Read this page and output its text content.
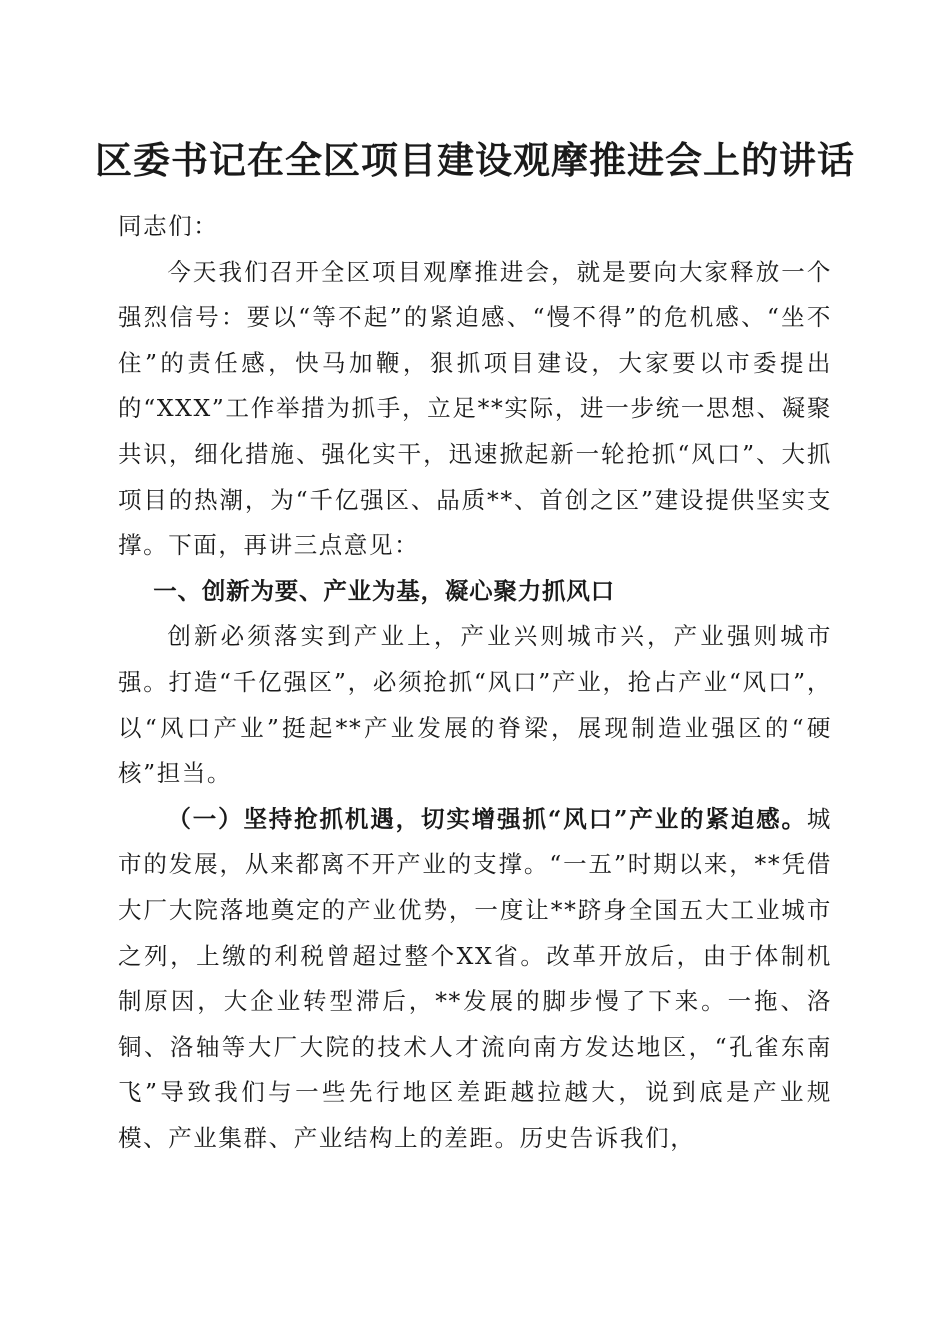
区委书记在全区项目建设观摩推进会上的讲话

同志们：

今天我们召开全区项目观摩推进会，就是要向大家释放一个强烈信号：要以“等不起”的紧迫感、“慢不得”的危机感、“坐不住”的责任感，快马加鞭，狠抓项目建设，大家要以市委提出的“XXX”工作举措为抓手，立足**实际，进一步统一思想、凝聚共识，细化措施、强化实干，迅速掀起新一轮抢抓“风口”、大抓项目的热潮，为“千亿强区、品质**、首创之区”建设提供坚实支撑。下面，再讲三点意见：

一、创新为要、产业为基，凝心聚力抓风口

创新必须落实到产业上，产业兴则城市兴，产业强则城市强。打造“千亿强区”，必须抢抓“风口”产业，抢占产业“风口”，以“风口产业”挺起**产业发展的脊梁，展现制造业强区的“硬核”担当。

（一）坚持抢抓机遇，切实增强抓“风口”产业的紧迫感。城市的发展，从来都离不开产业的支撑。“一五”时期以来，**凭借大厂大院落地奠定的产业优势，一度让**跻身全国五大工业城市之列，上缴的利税曾超过整个XX省。改革开放后，由于体制机制原因，大企业转型滞后，**发展的脚步慢了下来。一拖、洛铜、洛轴等大厂大院的技术人才流向南方发达地区，“孔雀东南飞”导致我们与一些先行地区差距越拉越大，说到底是产业规模、产业集群、产业结构上的差距。历史告诉我们，
